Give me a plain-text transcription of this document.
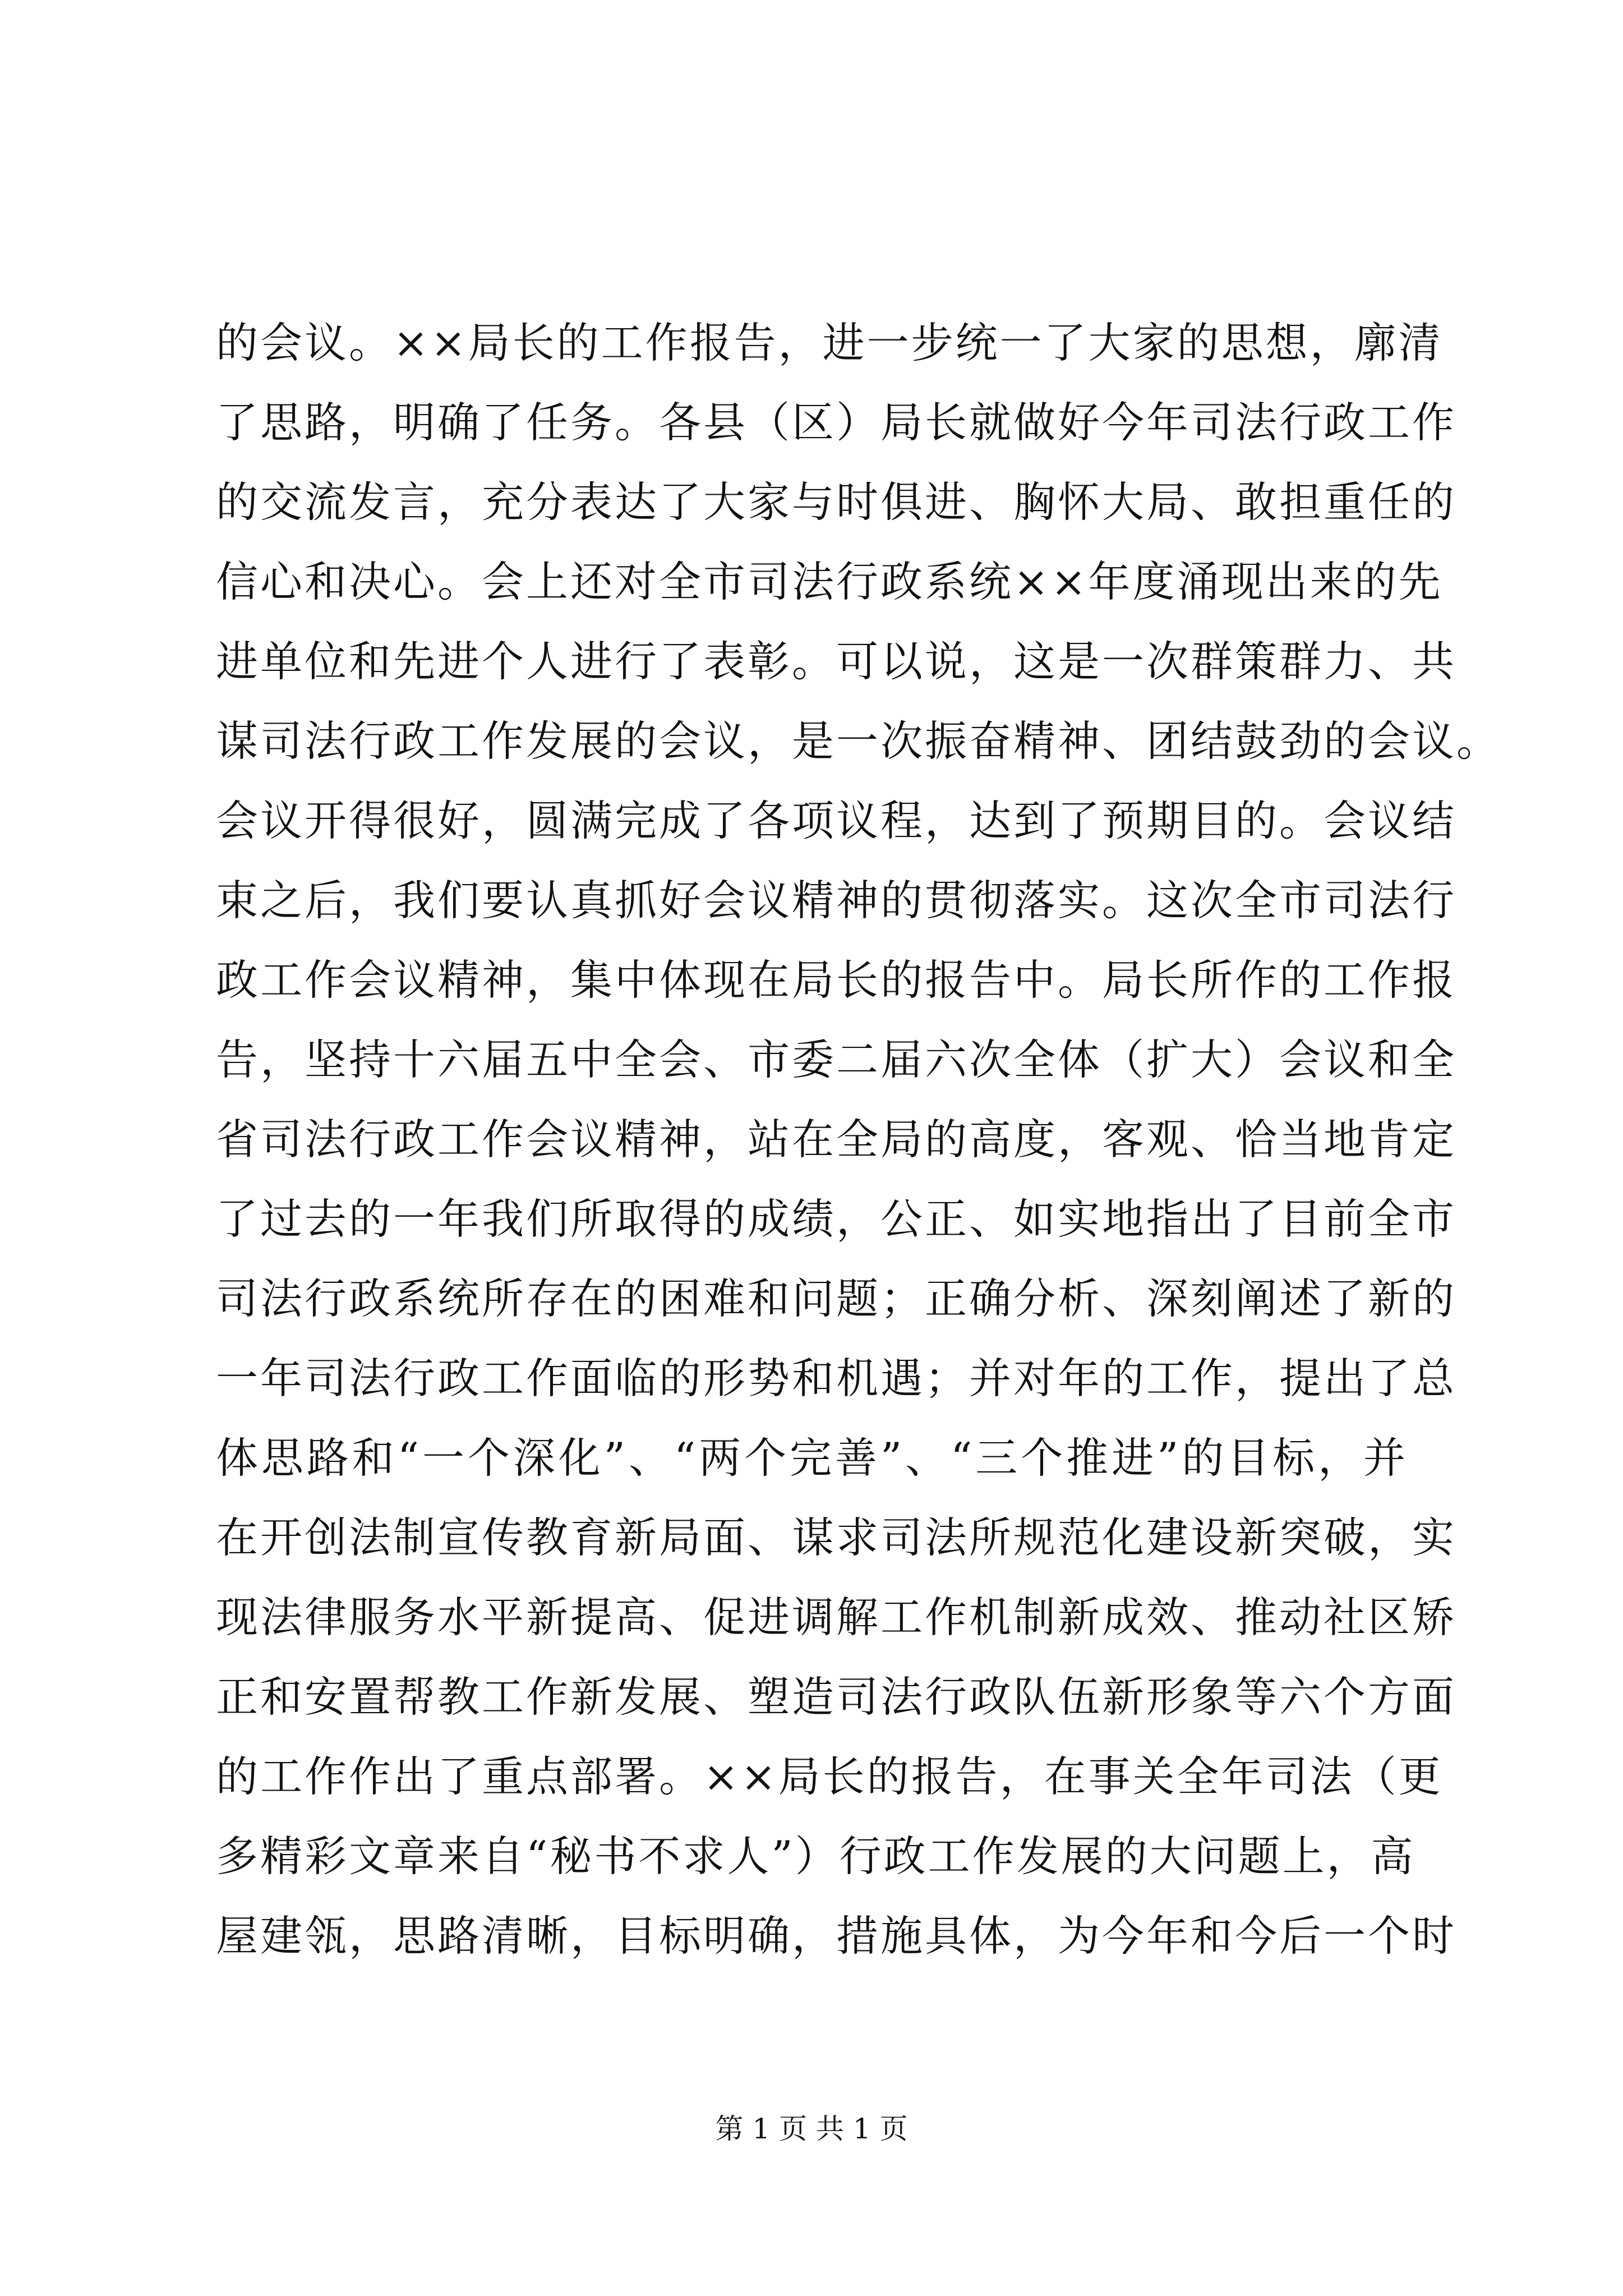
的会议。××局长的工作报告，进一步统一了大家的思想，廓清
了思路，明确了任务。各县（区）局长就做好今年司法行政工作
的交流发言，充分表达了大家与时俱进、胸怀大局、敢担重任的
信心和决心。会上还对全市司法行政系统××年度涌现出来的先
进单位和先进个人进行了表彰。可以说，这是一次群策群力、共
谋司法行政工作发展的会议，是一次振奋精神、团结鼓劲的会议。
会议开得很好，圆满完成了各项议程，达到了预期目的。会议结
束之后，我们要认真抓好会议精神的贯彻落实。这次全市司法行
政工作会议精神，集中体现在局长的报告中。局长所作的工作报
告，坚持十六届五中全会、市委二届六次全体（扩大）会议和全
省司法行政工作会议精神，站在全局的高度，客观、恰当地肯定
了过去的一年我们所取得的成绩，公正、如实地指出了目前全市
司法行政系统所存在的困难和问题；正确分析、深刻阐述了新的
一年司法行政工作面临的形势和机遇；并对年的工作，提出了总
体思路和“一个深化”、“两个完善”、“三个推进”的目标，并
在开创法制宣传教育新局面、谋求司法所规范化建设新突破，实
现法律服务水平新提高、促进调解工作机制新成效、推动社区矫
正和安置帮教工作新发展、塑造司法行政队伍新形象等六个方面
的工作作出了重点部署。××局长的报告，在事关全年司法（更
多精彩文章来自“秘书不求人”）行政工作发展的大问题上，高
屋建瓴，思路清晰，目标明确，措施具体，为今年和今后一个时
第 1 页 共 1 页
